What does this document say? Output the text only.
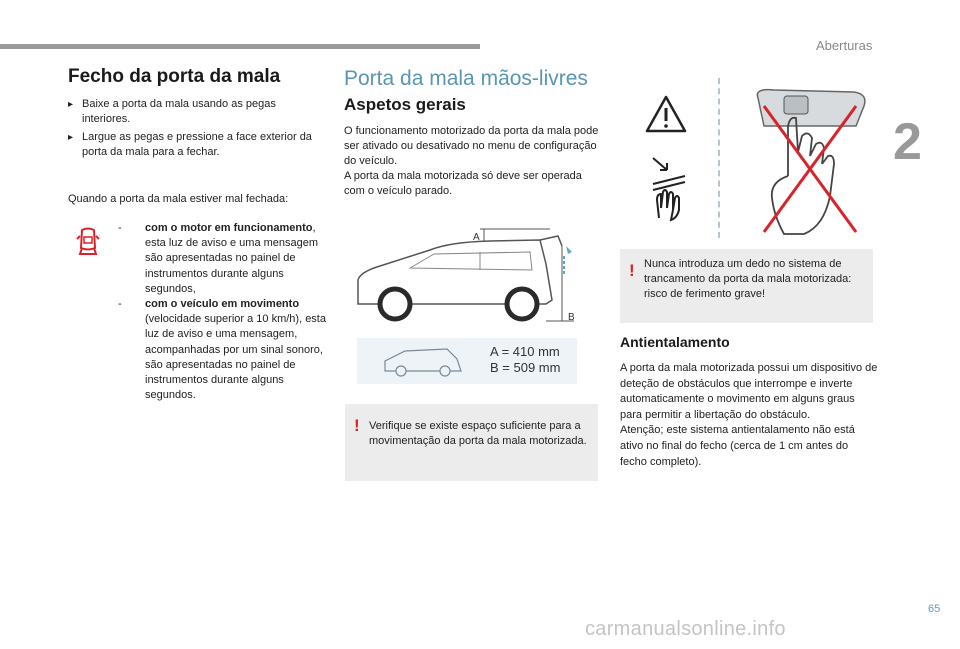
Aberturas
2
Fecho da porta da mala
▸ Baixe a porta da mala usando as pegas interiores.
▸ Largue as pegas e pressione a face exterior da porta da mala para a fechar.
Quando a porta da mala estiver mal fechada:
-	com o motor em funcionamento, esta luz de aviso e uma mensagem são apresentadas no painel de instrumentos durante alguns segundos,
-	com o veículo em movimento (velocidade superior a 10 km/h), esta luz de aviso e uma mensagem, acompanhadas por um sinal sonoro, são apresentadas no painel de instrumentos durante alguns segundos.
Porta da mala mãos-livres
Aspetos gerais
O funcionamento motorizado da porta da mala pode ser ativado ou desativado no menu de configuração do veículo.
A porta da mala motorizada só deve ser operada com o veículo parado.
A
B
A = 410 mm
B = 509 mm
! Verifique se existe espaço suficiente para a movimentação da porta da mala motorizada.
! Nunca introduza um dedo no sistema de trancamento da porta da mala motorizada: risco de ferimento grave!
Antientalamento
A porta da mala motorizada possui um dispositivo de deteção de obstáculos que interrompe e inverte automaticamente o movimento em alguns graus para permitir a libertação do obstáculo.
Atenção; este sistema antientalamento não está ativo no final do fecho (cerca de 1 cm antes do fecho completo).
65
carmanualsonline.info
